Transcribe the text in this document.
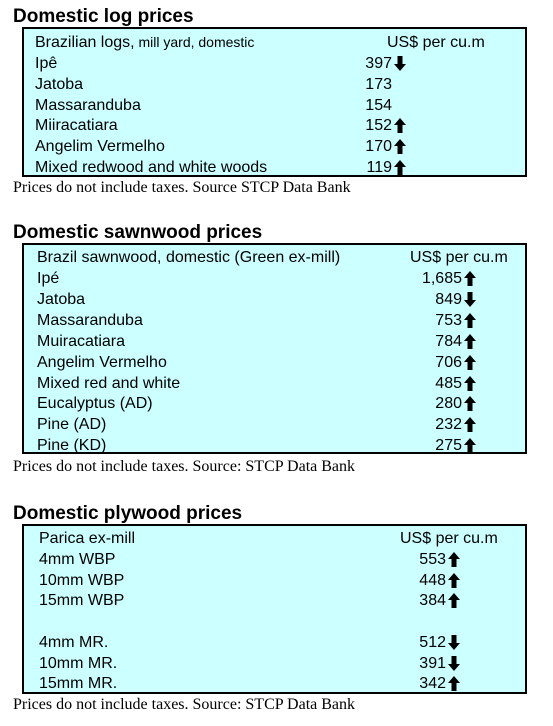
Domestic log prices
Brazilian logs, mill yard, domestic	US$ per cu.m
Ipê	397
Jatoba	173
Massaranduba	154
Miiracatiara	152
Angelim Vermelho	170
Mixed redwood and white woods	119
Prices do not include taxes. Source STCP Data Bank
Domestic sawnwood prices
Brazil sawnwood, domestic (Green ex-mill)	US$ per cu.m
Ipé	1,685
Jatoba	849
Massaranduba	753
Muiracatiara	784
Angelim Vermelho	706
Mixed red and white	485
Eucalyptus (AD)	280
Pine (AD)	232
Pine (KD)	275
Prices do not include taxes. Source: STCP Data Bank
Domestic plywood prices
Parica ex-mill	US$ per cu.m
4mm WBP	553
10mm WBP	448
15mm WBP	384
4mm MR.	512
10mm MR.	391
15mm MR.	342
Prices do not include taxes. Source: STCP Data Bank
